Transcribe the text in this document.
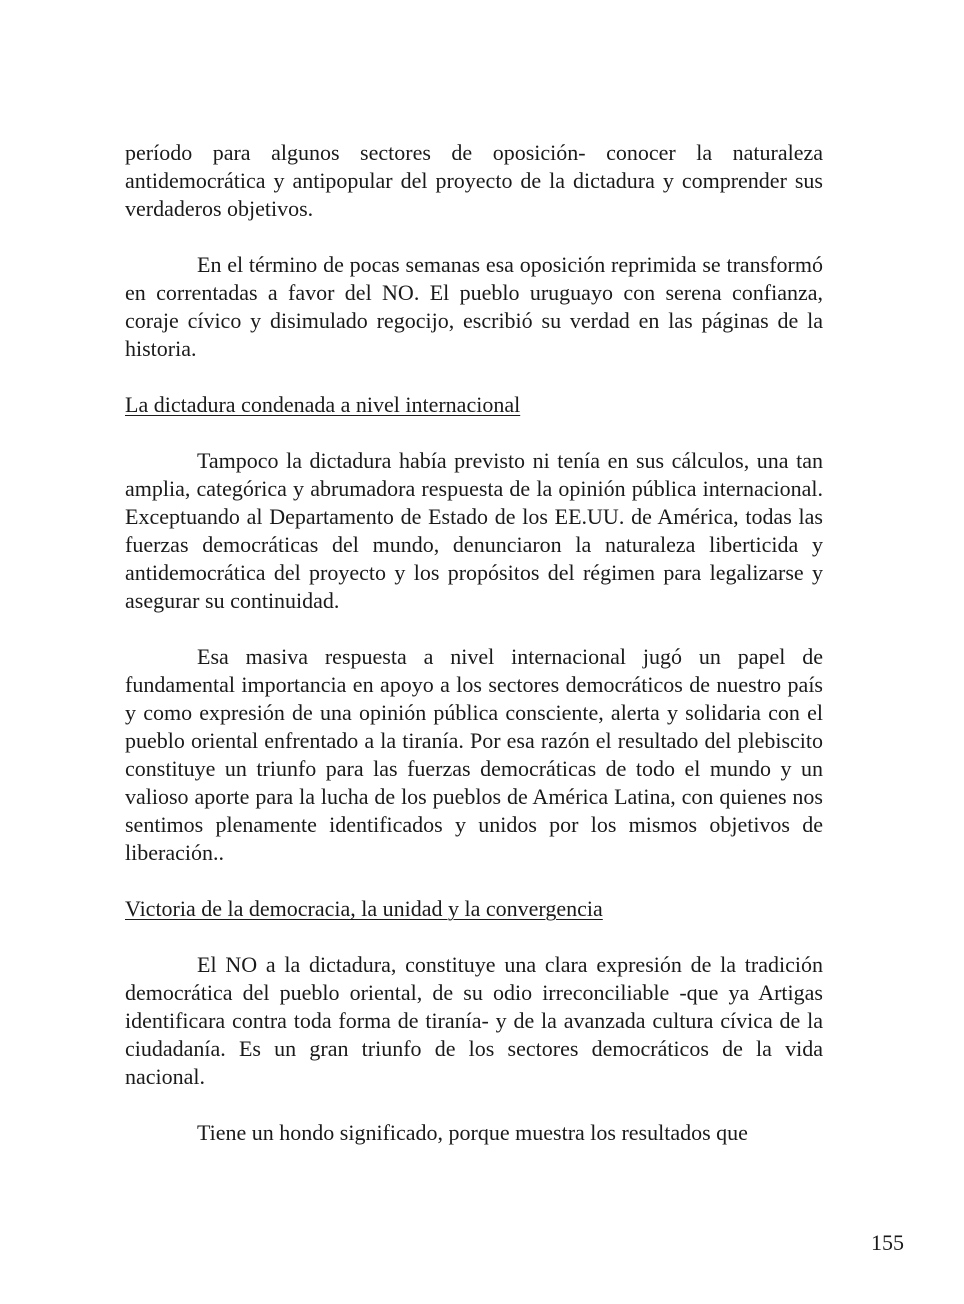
período para algunos sectores de oposición- conocer la naturaleza antidemocrática y antipopular del proyecto de la dictadura y comprender sus verdaderos objetivos.

En el término de pocas semanas esa oposición reprimida se transformó en correntadas a favor del NO. El pueblo uruguayo con serena confianza, coraje cívico y disimulado regocijo, escribió su verdad en las páginas de la historia.

La dictadura condenada a nivel internacional

Tampoco la dictadura había previsto ni tenía en sus cálculos, una tan amplia, categórica y abrumadora respuesta de la opinión pública internacional. Exceptuando al Departamento de Estado de los EE.UU. de América, todas las fuerzas democráticas del mundo, denunciaron la naturaleza liberticida y antidemocrática del proyecto y los propósitos del régimen para legalizarse y asegurar su continuidad.

Esa masiva respuesta a nivel internacional jugó un papel de fundamental importancia en apoyo a los sectores democráticos de nuestro país y como expresión de una opinión pública consciente, alerta y solidaria con el pueblo oriental enfrentado a la tiranía. Por esa razón el resultado del plebiscito constituye un triunfo para las fuerzas democráticas de todo el mundo y un valioso aporte para la lucha de los pueblos de América Latina, con quienes nos sentimos plenamente identificados y unidos por los mismos objetivos de liberación..

Victoria de la democracia, la unidad y la convergencia

El NO a la dictadura, constituye una clara expresión de la tradición democrática del pueblo oriental, de su odio irreconciliable -que ya Artigas identificara contra toda forma de tiranía- y de la avanzada cultura cívica de la ciudadanía. Es un gran triunfo de los sectores democráticos de la vida nacional.

Tiene un hondo significado, porque muestra los resultados que

155
